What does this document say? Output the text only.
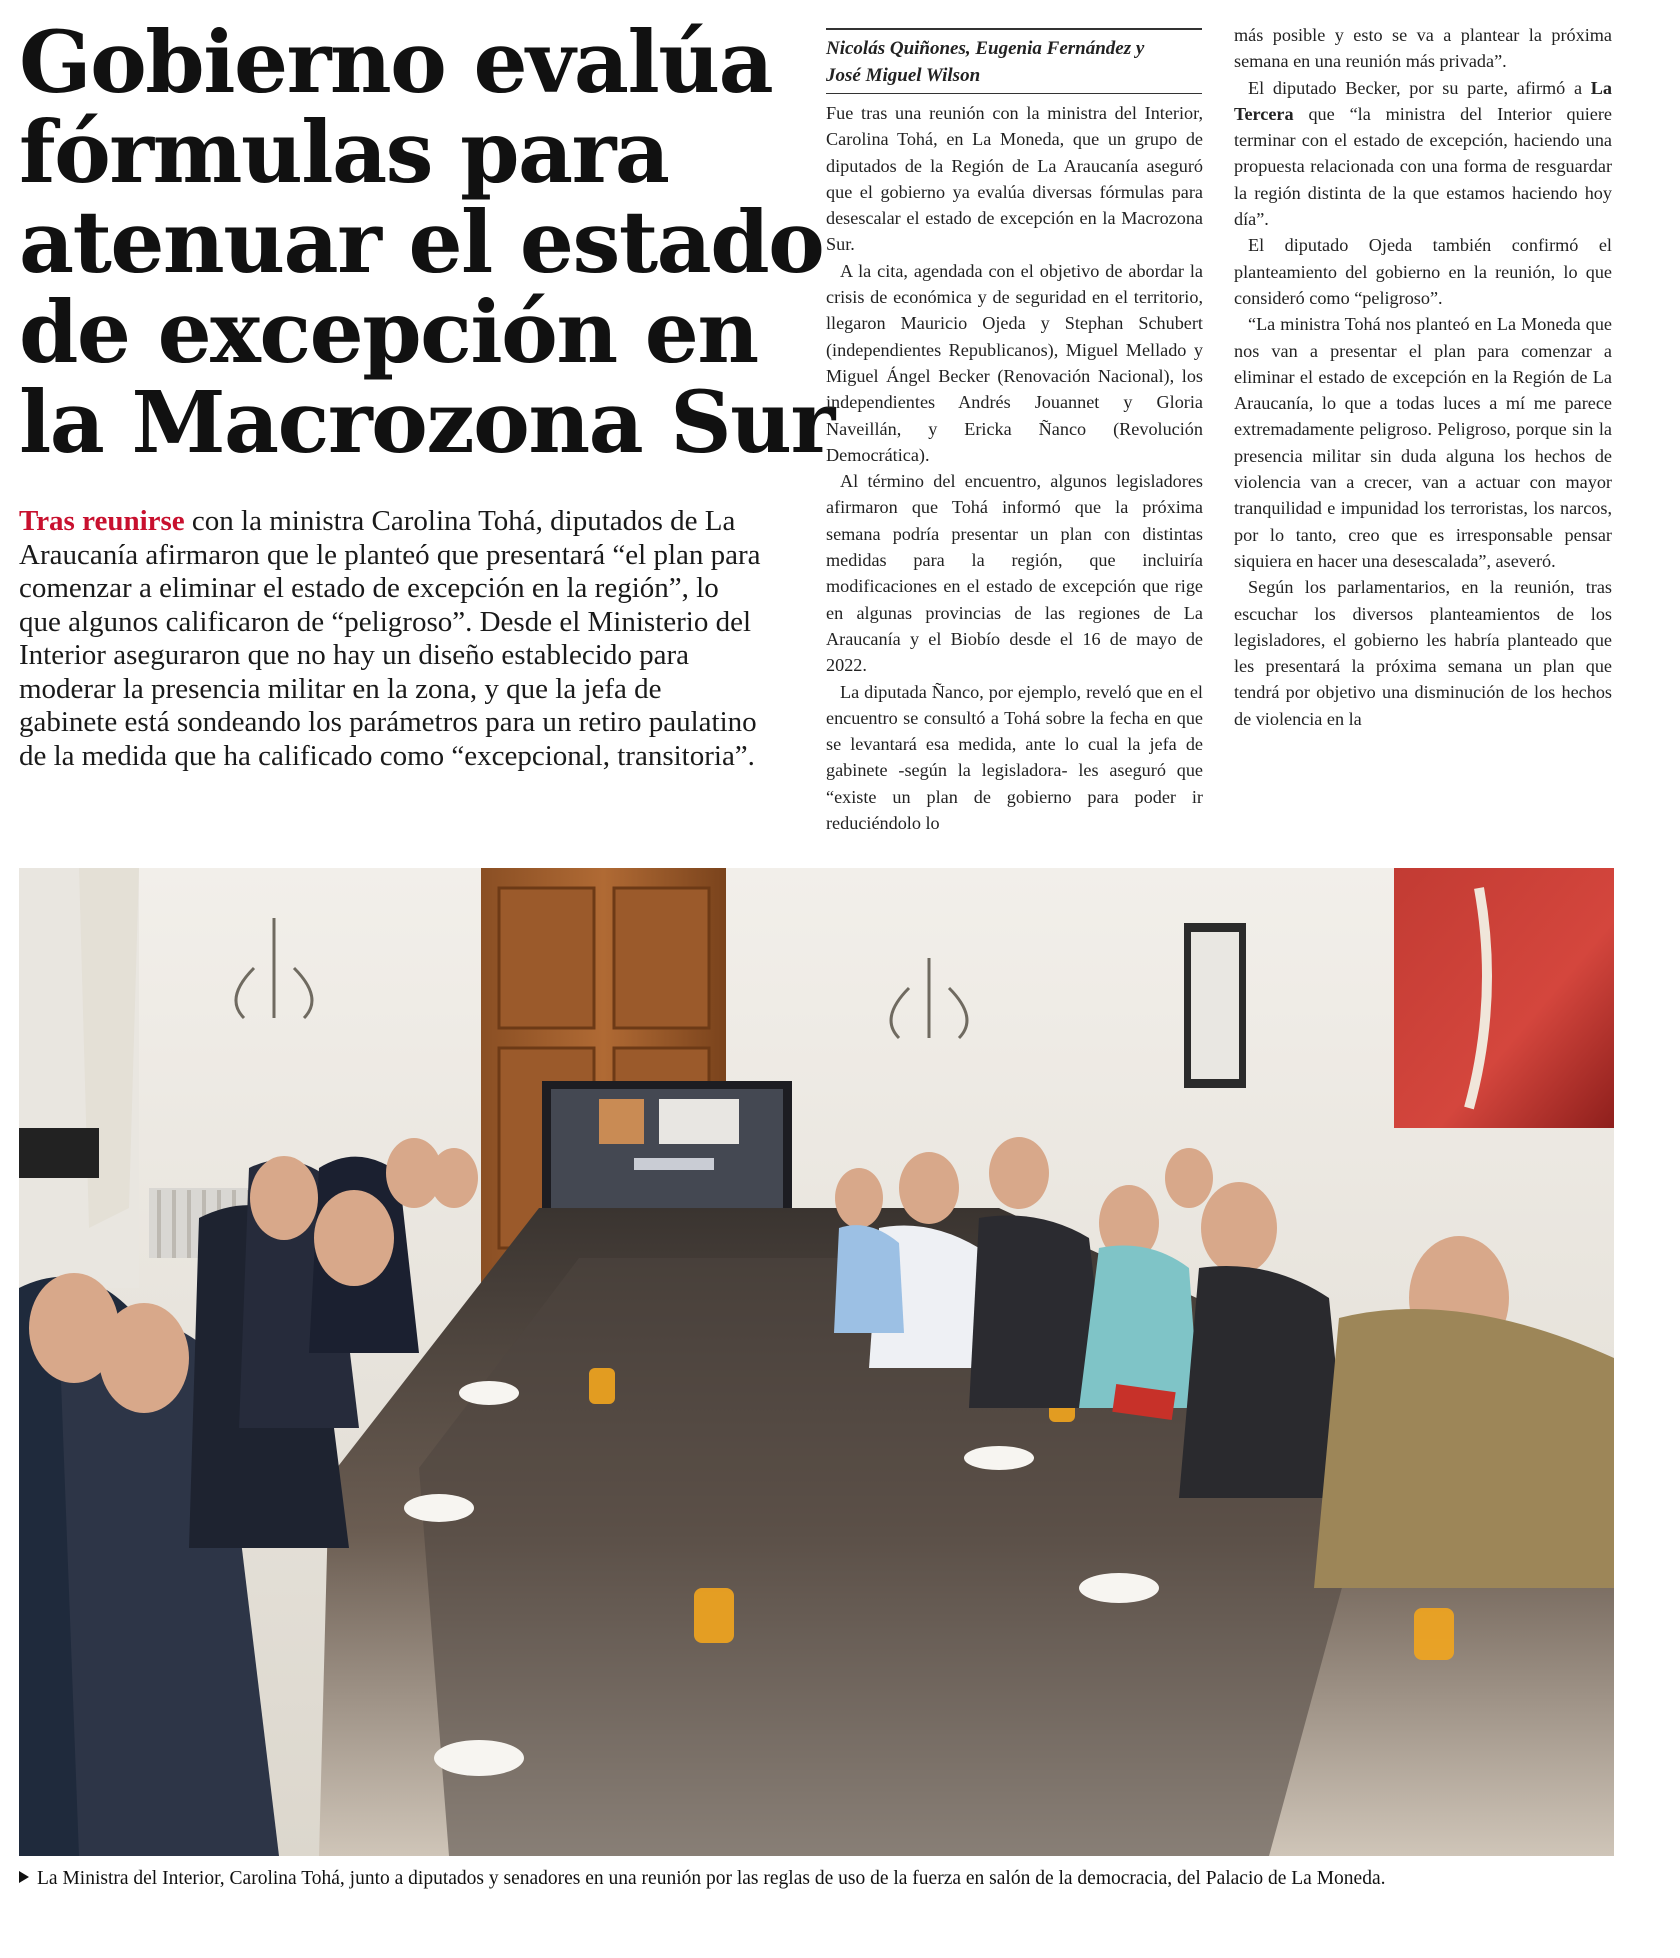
Gobierno evalúa
fórmulas para
atenuar el estado
de excepción en
la Macrozona Sur
Tras reunirse con la ministra Carolina Tohá, diputados de La Araucanía afirmaron que le planteó que presentará “el plan para comenzar a eliminar el estado de excepción en la región”, lo que algunos calificaron de “peligroso”. Desde el Ministerio del Interior aseguraron que no hay un diseño establecido para moderar la presencia militar en la zona, y que la jefa de gabinete está sondeando los parámetros para un retiro paulatino de la medida que ha calificado como “excepcional, transitoria”.
Nicolás Quiñones, Eugenia Fernández y
José Miguel Wilson

Fue tras una reunión con la ministra del Interior, Carolina Tohá, en La Moneda, que un grupo de diputados de la Región de La Araucanía aseguró que el gobierno ya evalúa diversas fórmulas para desescalar el estado de excepción en la Macrozona Sur.

A la cita, agendada con el objetivo de abordar la crisis de económica y de seguridad en el territorio, llegaron Mauricio Ojeda y Stephan Schubert (independientes Republicanos), Miguel Mellado y Miguel Ángel Becker (Renovación Nacional), los independientes Andrés Jouannet y Gloria Naveillán, y Ericka Ñanco (Revolución Democrática).

Al término del encuentro, algunos legisladores afirmaron que Tohá informó que la próxima semana podría presentar un plan con distintas medidas para la región, que incluiría modificaciones en el estado de excepción que rige en algunas provincias de las regiones de La Araucanía y el Biobío desde el 16 de mayo de 2022.

La diputada Ñanco, por ejemplo, reveló que en el encuentro se consultó a Tohá sobre la fecha en que se levantará esa medida, ante lo cual la jefa de gabinete -según la legisladora- les aseguró que “existe un plan de gobierno para poder ir reduciéndolo lo

más posible y esto se va a plantear la próxima semana en una reunión más privada”.

El diputado Becker, por su parte, afirmó a La Tercera que “la ministra del Interior quiere terminar con el estado de excepción, haciendo una propuesta relacionada con una forma de resguardar la región distinta de la que estamos haciendo hoy día”.

El diputado Ojeda también confirmó el planteamiento del gobierno en la reunión, lo que consideró como “peligroso”.

“La ministra Tohá nos planteó en La Moneda que nos van a presentar el plan para comenzar a eliminar el estado de excepción en la Región de La Araucanía, lo que a todas luces a mí me parece extremadamente peligroso. Peligroso, porque sin la presencia militar sin duda alguna los hechos de violencia van a crecer, van a actuar con mayor tranquilidad e impunidad los terroristas, los narcos, por lo tanto, creo que es irresponsable pensar siquiera en hacer una desescalada”, aseveró.

Según los parlamentarios, en la reunión, tras escuchar los diversos planteamientos de los legisladores, el gobierno les habría planteado que les presentará la próxima semana un plan que tendrá por objetivo una disminución de los hechos de violencia en la

La Ministra del Interior, Carolina Tohá, junto a diputados y senadores en una reunión por las reglas de uso de la fuerza en salón de la democracia, del Palacio de La Moneda.
